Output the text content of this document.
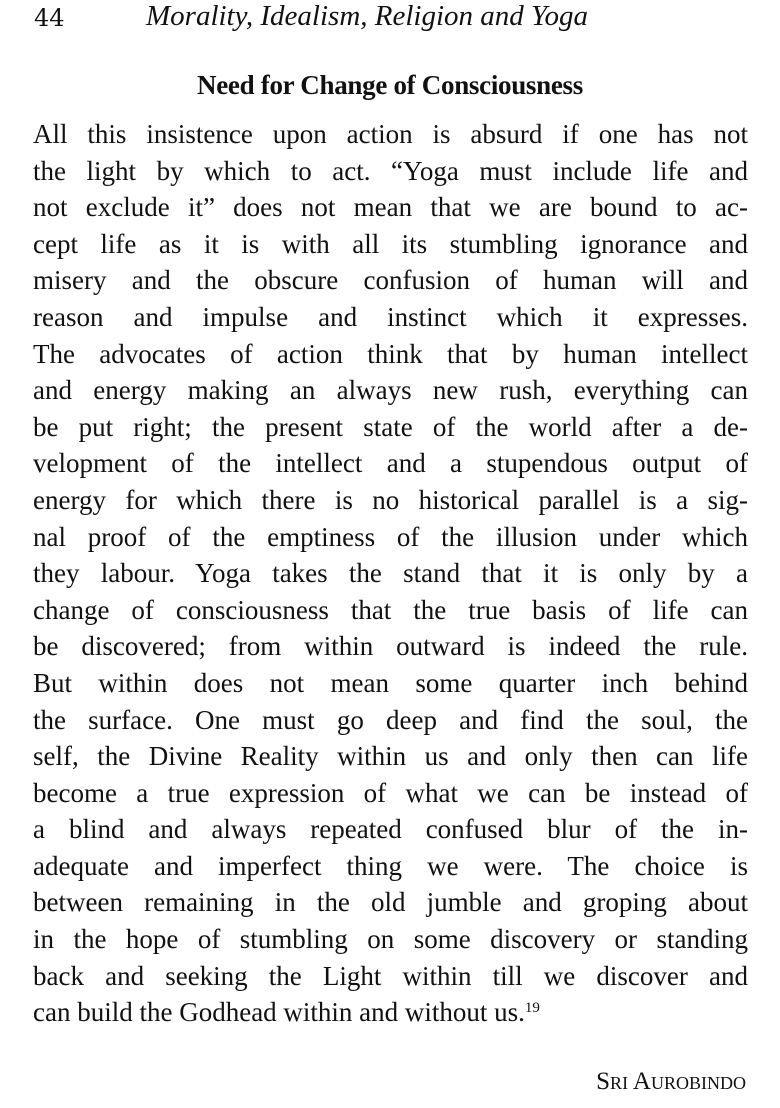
44	Morality, Idealism, Religion and Yoga
Need for Change of Consciousness
All this insistence upon action is absurd if one has not
the light by which to act. “Yoga must include life and
not exclude it” does not mean that we are bound to ac-
cept life as it is with all its stumbling ignorance and
misery and the obscure confusion of human will and
reason and impulse and instinct which it expresses.
The advocates of action think that by human intellect
and energy making an always new rush, everything can
be put right; the present state of the world after a de-
velopment of the intellect and a stupendous output of
energy for which there is no historical parallel is a sig-
nal proof of the emptiness of the illusion under which
they labour. Yoga takes the stand that it is only by a
change of consciousness that the true basis of life can
be discovered; from within outward is indeed the rule.
But within does not mean some quarter inch behind
the surface. One must go deep and find the soul, the
self, the Divine Reality within us and only then can life
become a true expression of what we can be instead of
a blind and always repeated confused blur of the in-
adequate and imperfect thing we were. The choice is
between remaining in the old jumble and groping about
in the hope of stumbling on some discovery or standing
back and seeking the Light within till we discover and
can build the Godhead within and without us.$^{19}$
Sri Aurobindo
